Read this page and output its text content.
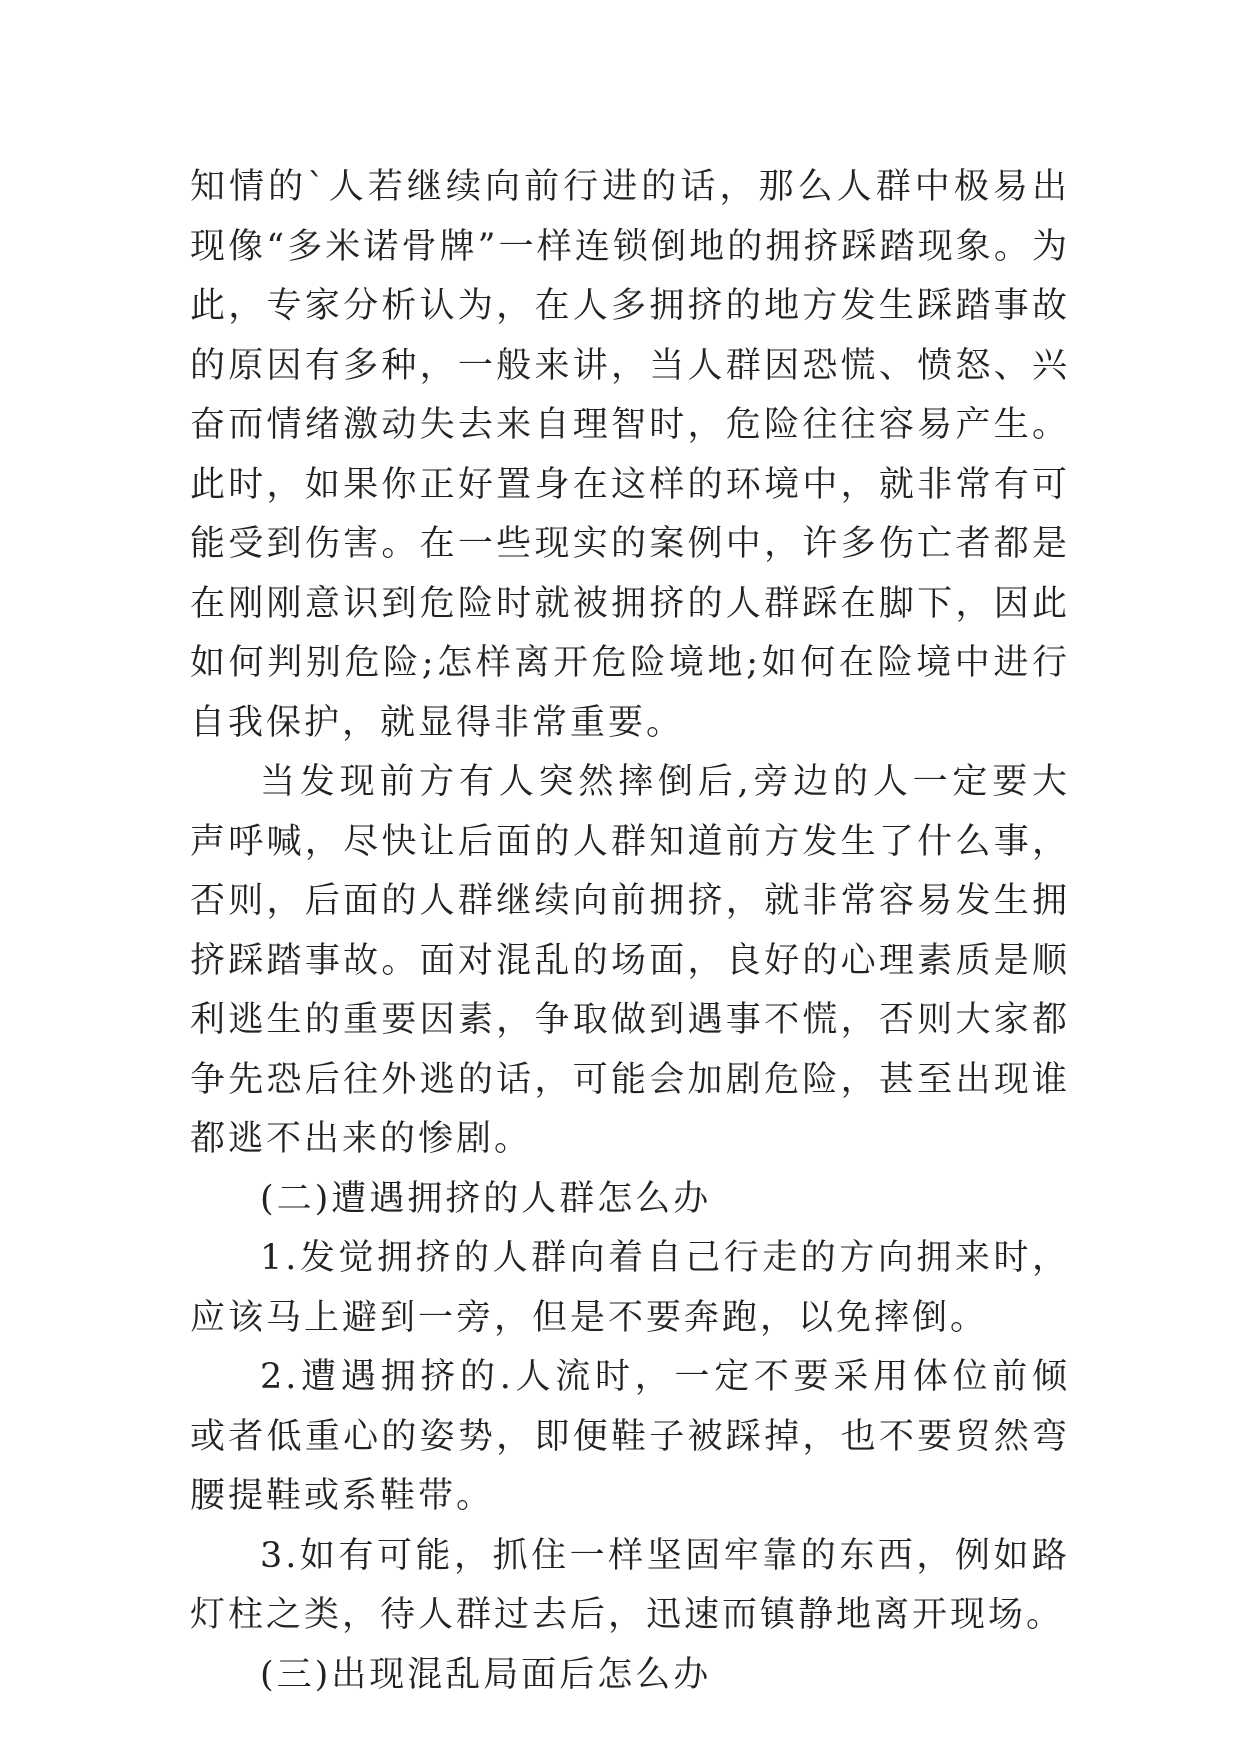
知情的`人若继续向前行进的话，那么人群中极易出现像“多米诺骨牌”一样连锁倒地的拥挤踩踏现象。为此，专家分析认为，在人多拥挤的地方发生踩踏事故的原因有多种，一般来讲，当人群因恐慌、愤怒、兴奋而情绪激动失去来自理智时，危险往往容易产生。此时，如果你正好置身在这样的环境中，就非常有可能受到伤害。在一些现实的案例中，许多伤亡者都是在刚刚意识到危险时就被拥挤的人群踩在脚下，因此如何判别危险;怎样离开危险境地;如何在险境中进行自我保护，就显得非常重要。

当发现前方有人突然摔倒后,旁边的人一定要大声呼喊，尽快让后面的人群知道前方发生了什么事，否则，后面的人群继续向前拥挤，就非常容易发生拥挤踩踏事故。面对混乱的场面，良好的心理素质是顺利逃生的重要因素，争取做到遇事不慌，否则大家都争先恐后往外逃的话，可能会加剧危险，甚至出现谁都逃不出来的惨剧。

(二)遭遇拥挤的人群怎么办

1.发觉拥挤的人群向着自己行走的方向拥来时，应该马上避到一旁，但是不要奔跑，以免摔倒。

2.遭遇拥挤的.人流时，一定不要采用体位前倾或者低重心的姿势，即便鞋子被踩掉，也不要贸然弯腰提鞋或系鞋带。

3.如有可能，抓住一样坚固牢靠的东西，例如路灯柱之类，待人群过去后，迅速而镇静地离开现场。

(三)出现混乱局面后怎么办
